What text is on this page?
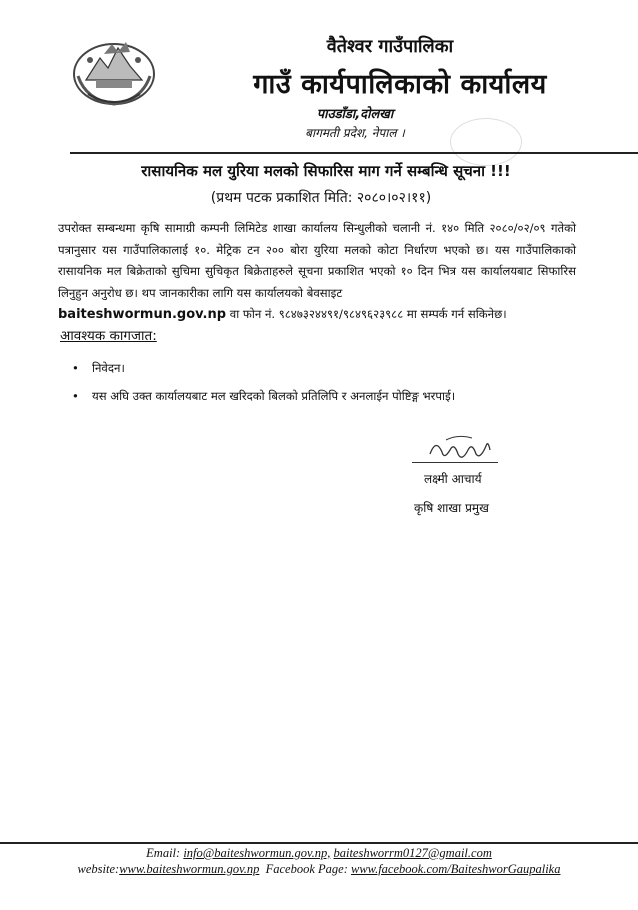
वैतेश्वर गाउँपालिका
गाउँ कार्यपालिकाको कार्यालय
पाउडाँडा,दोलखा
बागमती प्रदेश, नेपाल ।
रासायनिक मल युरिया मलको सिफारिस माग गर्ने सम्बन्धि सूचना !!!
(प्रथम पटक प्रकाशित मिति: २०८०।०२।११)
उपरोक्त सम्बन्धमा कृषि सामाग्री कम्पनी लिमिटेड शाखा कार्यालय सिन्धुलीको चलानी नं. १४० मिति २०८०/०२/०९ गतेको पत्रानुसार यस गाउँपालिकालाई १०. मेट्रिक टन २०० बोरा युरिया मलको कोटा निर्धारण भएको छ। यस गाउँपालिकाको रासायनिक मल बिक्रेताको सुचिमा सुचिकृत बिक्रेताहरुले सूचना प्रकाशित भएको १० दिन भित्र यस कार्यालयबाट सिफारिस लिनुहुन अनुरोध छ। थप जानकारीका लागि यस कार्यालयको बेवसाइट
baiteshwormun.gov.np वा फोन नं. ९८४७३२४४९१/९८४९६२३९८८ मा सम्पर्क गर्न सकिनेछ।
आवश्यक कागजात:
• निवेदन।
• यस अघि उक्त कार्यालयबाट मल खरिदको बिलको प्रतिलिपि र अनलाईन पोष्टिङ्ग भरपाई।
लक्ष्मी आचार्य
कृषि शाखा प्रमुख
Email: info@baiteshwormun.gov.np, baiteshworrm0127@gmail.com
website:www.baiteshwormun.gov.np Facebook Page: www.facebook.com/BaiteshworGaupalika
